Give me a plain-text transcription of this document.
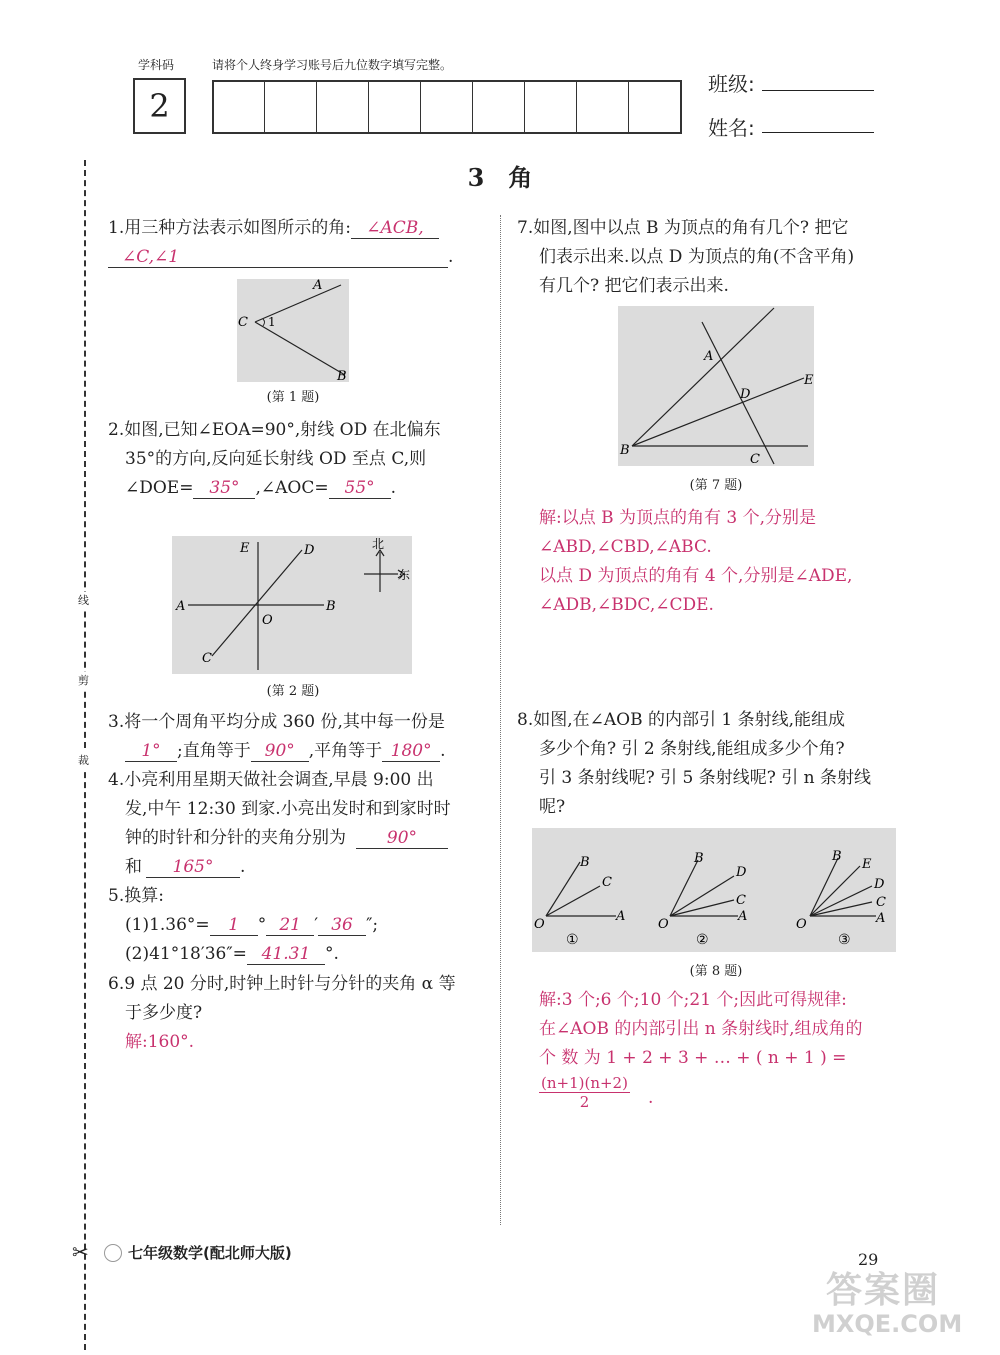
学科码
2
请将个人终身学习账号后九位数字填写完整。
班级:
姓名:
线
剪
裁
3　角
1.用三种方法表示如图所示的角: ∠ACB,
∠C,∠1	.
A
C 1
B
(第 1 题)
2.如图,已知∠EOA=90°,射线 OD 在北偏东
35°的方向,反向延长射线 OD 至点 C,则
∠DOE= 35° ,∠AOC= 55° .
E	D
A
O
B
C
北
东
(第 2 题)
3.将一个周角平均分成 360 份,其中每一份是
1° ;直角等于 90° ,平角等于 180° .
4.小亮利用星期天做社会调查,早晨 9:00 出
发,中午 12:30 到家.小亮出发时和到家时时
钟的时针和分针的夹角分别为 90°
和 165° .
5.换算:
(1)1.36°= 1 ° 21 ′ 36 ″;
(2)41°18′36″= 41.31 °.
6.9 点 20 分时,时钟上时针与分针的夹角 α 等
于多少度?
解:160°.
7.如图,图中以点 B 为顶点的角有几个? 把它
们表示出来.以点 D 为顶点的角(不含平角)
有几个? 把它们表示出来.
A
D
E
B
C
(第 7 题)
解:以点 B 为顶点的角有 3 个,分别是
∠ABD,∠CBD,∠ABC.
以点 D 为顶点的角有 4 个,分别是∠ADE,
∠ADB,∠BDC,∠CDE.
8.如图,在∠AOB 的内部引 1 条射线,能组成
多少个角? 引 2 条射线,能组成多少个角?
引 3 条射线呢? 引 5 条射线呢? 引 n 条射线
呢?
O
A
B
C
①
O
A
B
D
C
②
O	A
B
E
D
C
③
(第 8 题)
解:3 个;6 个;10 个;21 个;因此可得规律:
在∠AOB 的内部引出 n 条射线时,组成角的
个 数 为 1 + 2 + 3 + … + ( n + 1 ) =
$\frac{(n+1)(n+2)}{2}$ .
✂	七年级数学(配北师大版)	29
答案圈
MXQE.COM
